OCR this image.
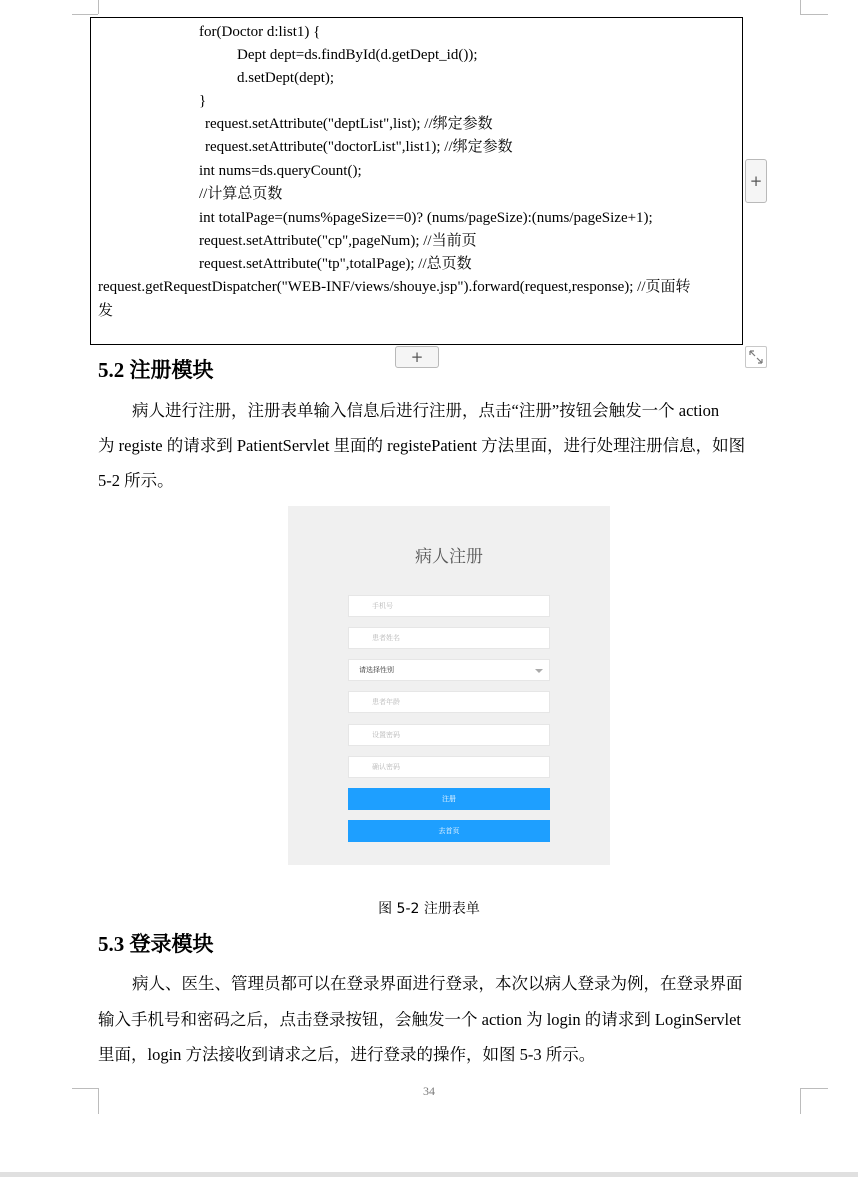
for(Doctor d:list1) {
Dept dept=ds.findById(d.getDept_id());
d.setDept(dept);
}
request.setAttribute("deptList",list); //绑定参数
request.setAttribute("doctorList",list1); //绑定参数
int nums=ds.queryCount();
//计算总页数
int totalPage=(nums%pageSize==0)? (nums/pageSize):(nums/pageSize+1);
request.setAttribute("cp",pageNum); //当前页
request.setAttribute("tp",totalPage); //总页数
request.getRequestDispatcher("WEB-INF/views/shouye.jsp").forward(request,response); //页面转
发
+
+
5.2 注册模块
病人进行注册，注册表单输入信息后进行注册，点击“注册”按钮会触发一个 action
为 registe 的请求到 PatientServlet 里面的 registePatient 方法里面，进行处理注册信息，如图
5-2 所示。
病人注册
手机号
患者姓名
请选择性别
患者年龄
设置密码
确认密码
注册
去首页
图 5-2 注册表单
5.3 登录模块
病人、医生、管理员都可以在登录界面进行登录，本次以病人登录为例，在登录界面
输入手机号和密码之后，点击登录按钮，会触发一个 action 为 login 的请求到 LoginServlet
里面，login 方法接收到请求之后，进行登录的操作，如图 5-3 所示。
34
